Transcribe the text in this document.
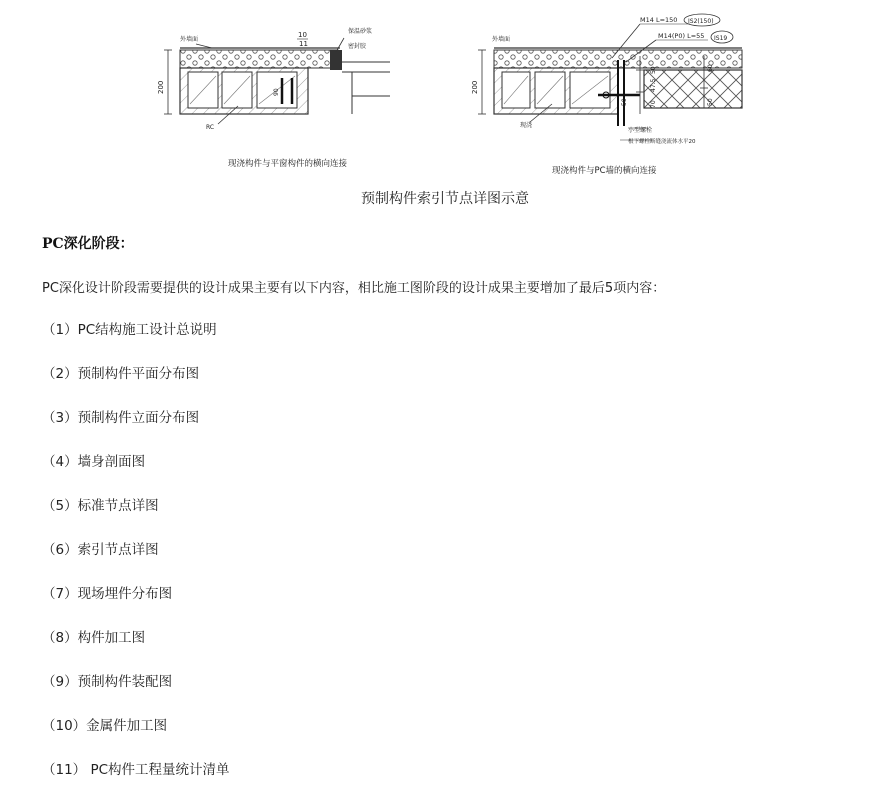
外墙面
10
11
保温砂浆
密封胶
200	90
RC
现浇构件与平窗构件的横向连接
外墙面
M14 L=150 IS2(150)
M14(P0) L=55 IS19
200
50
47.5
70
60
50
50
现浇
小型螺栓
根下螺栓断缝浇流体水平20
现浇构件与PC墙的横向连接
预制构件索引节点详图示意
PC深化阶段：
PC深化设计阶段需要提供的设计成果主要有以下内容，相比施工图阶段的设计成果主要增加了最后5项内容：
（1）PC结构施工设计总说明
（2）预制构件平面分布图
（3）预制构件立面分布图
（4）墙身剖面图
（5）标准节点详图
（6）索引节点详图
（7）现场埋件分布图
（8）构件加工图
（9）预制构件装配图
（10）金属件加工图
（11） PC构件工程量统计清单
